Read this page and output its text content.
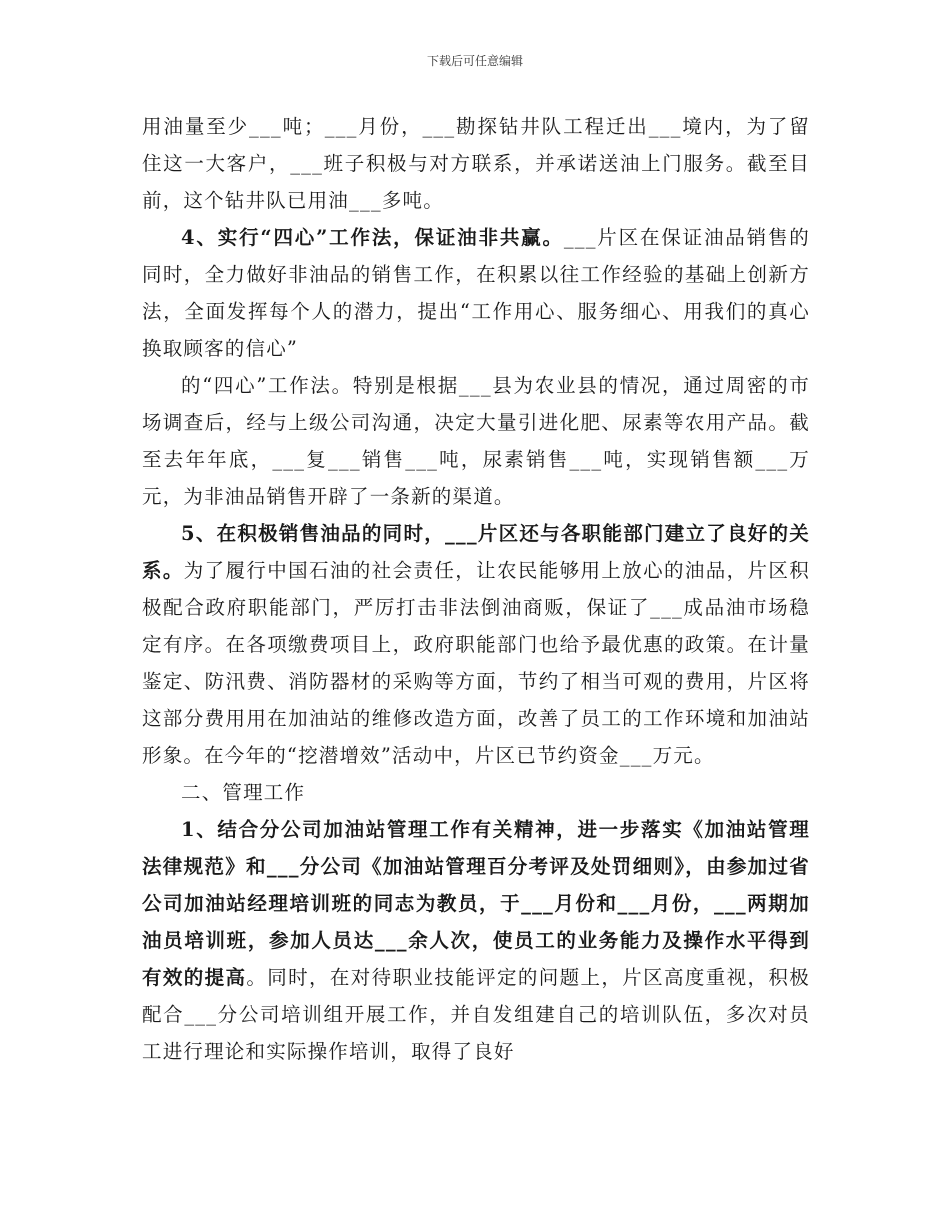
下载后可任意编辑

用油量至少___吨；___月份，___勘探钻井队工程迁出___境内，为了留住这一大客户，___班子积极与对方联系，并承诺送油上门服务。截至目前，这个钻井队已用油___多吨。

4、实行“四心”工作法，保证油非共赢。___片区在保证油品销售的同时，全力做好非油品的销售工作，在积累以往工作经验的基础上创新方法，全面发挥每个人的潜力，提出“工作用心、服务细心、用我们的真心换取顾客的信心”

的“四心”工作法。特别是根据___县为农业县的情况，通过周密的市场调查后，经与上级公司沟通，决定大量引进化肥、尿素等农用产品。截至去年年底，___复___销售___吨，尿素销售___吨，实现销售额___万元，为非油品销售开辟了一条新的渠道。

5、在积极销售油品的同时，___片区还与各职能部门建立了良好的关系。为了履行中国石油的社会责任，让农民能够用上放心的油品，片区积极配合政府职能部门，严厉打击非法倒油商贩，保证了___成品油市场稳定有序。在各项缴费项目上，政府职能部门也给予最优惠的政策。在计量鉴定、防汛费、消防器材的采购等方面，节约了相当可观的费用，片区将这部分费用用在加油站的维修改造方面，改善了员工的工作环境和加油站形象。在今年的“挖潜增效”活动中，片区已节约资金___万元。

二、管理工作

1、结合分公司加油站管理工作有关精神，进一步落实《加油站管理法律规范》和___分公司《加油站管理百分考评及处罚细则》，由参加过省公司加油站经理培训班的同志为教员，于___月份和___月份，___两期加油员培训班，参加人员达___余人次，使员工的业务能力及操作水平得到有效的提高。同时，在对待职业技能评定的问题上，片区高度重视，积极配合___分公司培训组开展工作，并自发组建自己的培训队伍，多次对员工进行理论和实际操作培训，取得了良好
